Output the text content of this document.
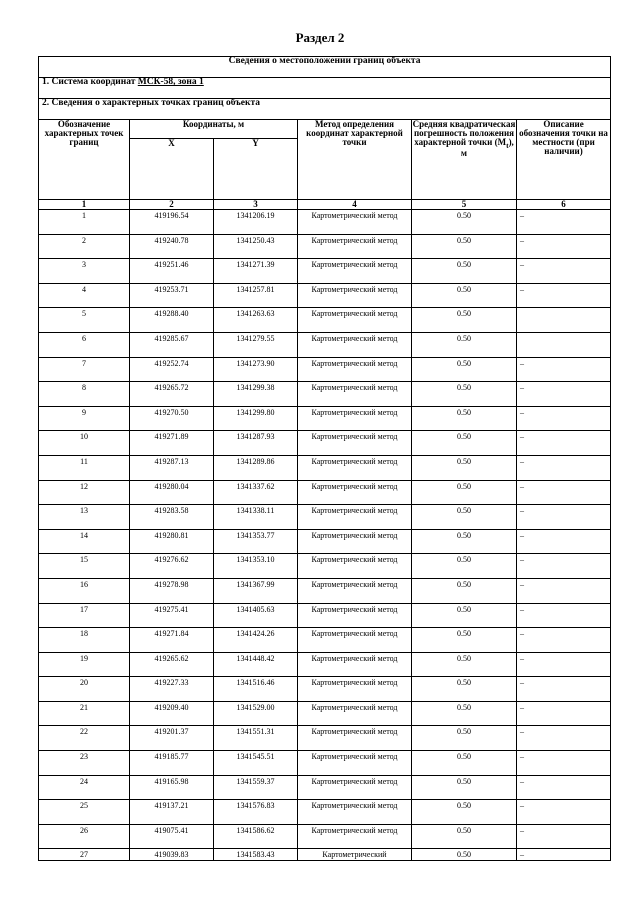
Раздел 2
Сведения о местоположении границ объекта					
1. Система координат МСК-58, зона 1					
2. Сведения о характерных точках границ объекта					
Обозначение характерных точек границ	Координаты, м		Метод определения координат характерной точки	Средняя квадратическая погрешность положения характерной точки $(M_t)$, м	Описание обозначения точки на местности (при наличии)
	X	Y			
1	2	3	4	5	6
1	419196.54	1341206.19	Картометрический метод	0.50	–
2	419240.78	1341250.43	Картометрический метод	0.50	–
3	419251.46	1341271.39	Картометрический метод	0.50	–
4	419253.71	1341257.81	Картометрический метод	0.50	–
5	419288.40	1341263.63	Картометрический метод	0.50	
6	419285.67	1341279.55	Картометрический метод	0.50	
7	419252.74	1341273.90	Картометрический метод	0.50	–
8	419265.72	1341299.38	Картометрический метод	0.50	–
9	419270.50	1341299.80	Картометрический метод	0.50	–
10	419271.89	1341287.93	Картометрический метод	0.50	–
11	419287.13	1341289.86	Картометрический метод	0.50	–
12	419280.04	1341337.62	Картометрический метод	0.50	–
13	419283.58	1341338.11	Картометрический метод	0.50	–
14	419280.81	1341353.77	Картометрический метод	0.50	–
15	419276.62	1341353.10	Картометрический метод	0.50	–
16	419278.98	1341367.99	Картометрический метод	0.50	–
17	419275.41	1341405.63	Картометрический метод	0.50	–
18	419271.84	1341424.26	Картометрический метод	0.50	–
19	419265.62	1341448.42	Картометрический метод	0.50	–
20	419227.33	1341516.46	Картометрический метод	0.50	–
21	419209.40	1341529.00	Картометрический метод	0.50	–
22	419201.37	1341551.31	Картометрический метод	0.50	–
23	419185.77	1341545.51	Картометрический метод	0.50	–
24	419165.98	1341559.37	Картометрический метод	0.50	–
25	419137.21	1341576.83	Картометрический метод	0.50	–
26	419075.41	1341586.62	Картометрический метод	0.50	–
27	419039.83	1341583.43	Картометрический	0.50	–
